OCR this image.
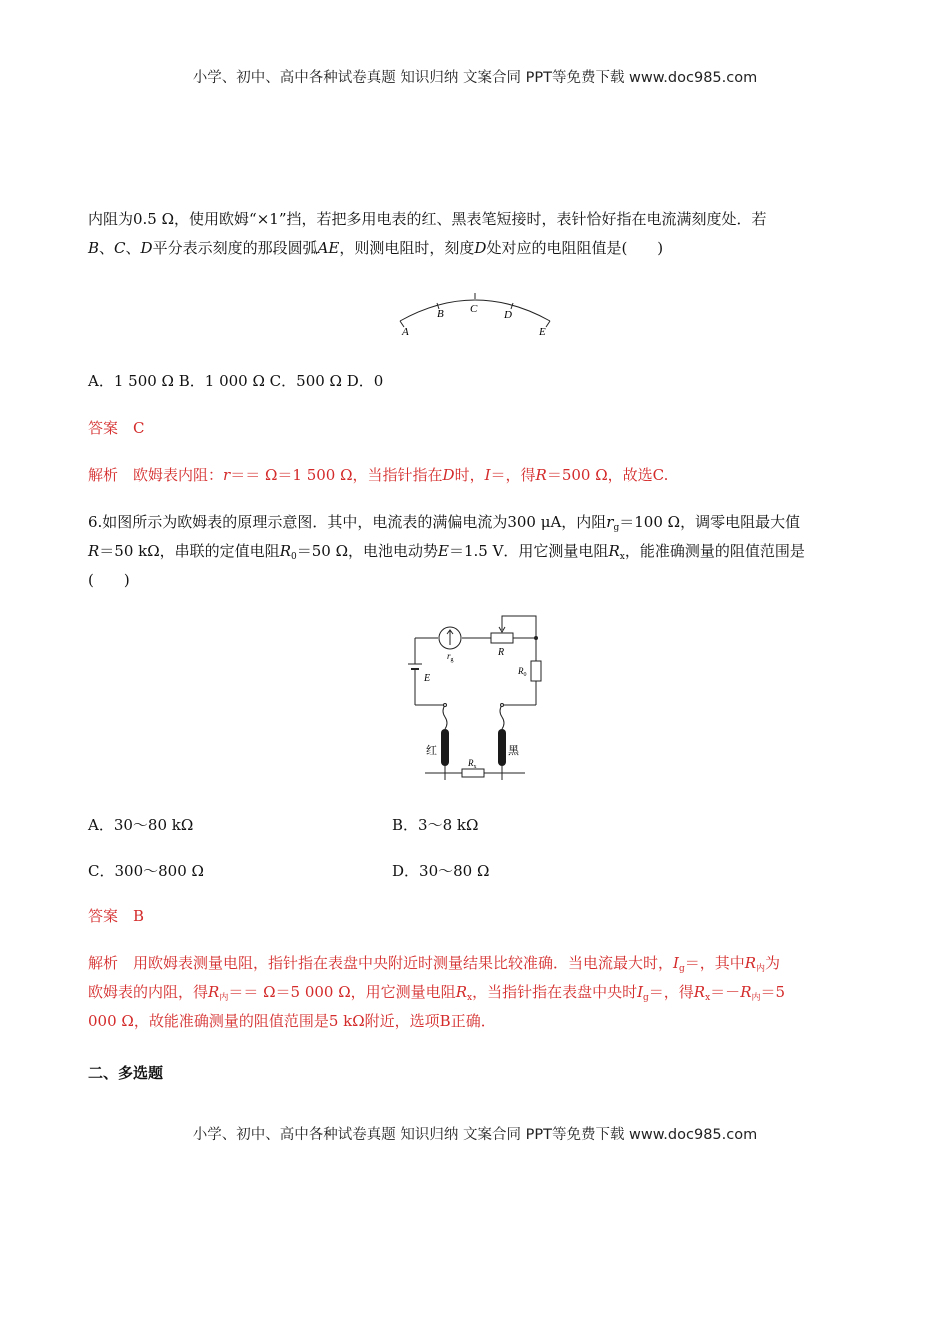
小学、初中、高中各种试卷真题 知识归纳 文案合同 PPT等免费下载 www.doc985.com
内阻为0.5 Ω，使用欧姆“×1”挡，若把多用电表的红、黑表笔短接时，表针恰好指在电流满刻度处．若
B、C、D平分表示刻度的那段圆弧AE，则测电阻时，刻度D处对应的电阻阻值是(　　)
A
B C D
E
A．1 500 Ω B．1 000 Ω C．500 Ω D．0
答案　C
解析　欧姆表内阻：r＝＝ Ω＝1 500 Ω，当指针指在D时，I＝，得R＝500 Ω，故选C.
6.如图所示为欧姆表的原理示意图．其中，电流表的满偏电流为300 μA，内阻$r_g=100$ Ω，调零电阻最大值
R＝50 kΩ，串联的定值电阻$R_0=50$ Ω，电池电动势E＝1.5 V．用它测量电阻$R_x$，能准确测量的阻值范围是
(　　)
$r_g$
R
$R_0$
E
红	黑
$R_x$
A．30～80 kΩ	B．3～8 kΩ
C．300～800 Ω	D．30～80 Ω
答案　B
解析　用欧姆表测量电阻，指针指在表盘中央附近时测量结果比较准确．当电流最大时，$I_g=$，其中$R_内$为
欧姆表的内阻，得$R_内== \Omega=5$ 000 Ω，用它测量电阻$R_x$，当指针指在表盘中央时$I_g=$，得$R_x=-R_内=5$
000 Ω，故能准确测量的阻值范围是5 kΩ附近，选项B正确．
二、多选题
小学、初中、高中各种试卷真题 知识归纳 文案合同 PPT等免费下载 www.doc985.com
